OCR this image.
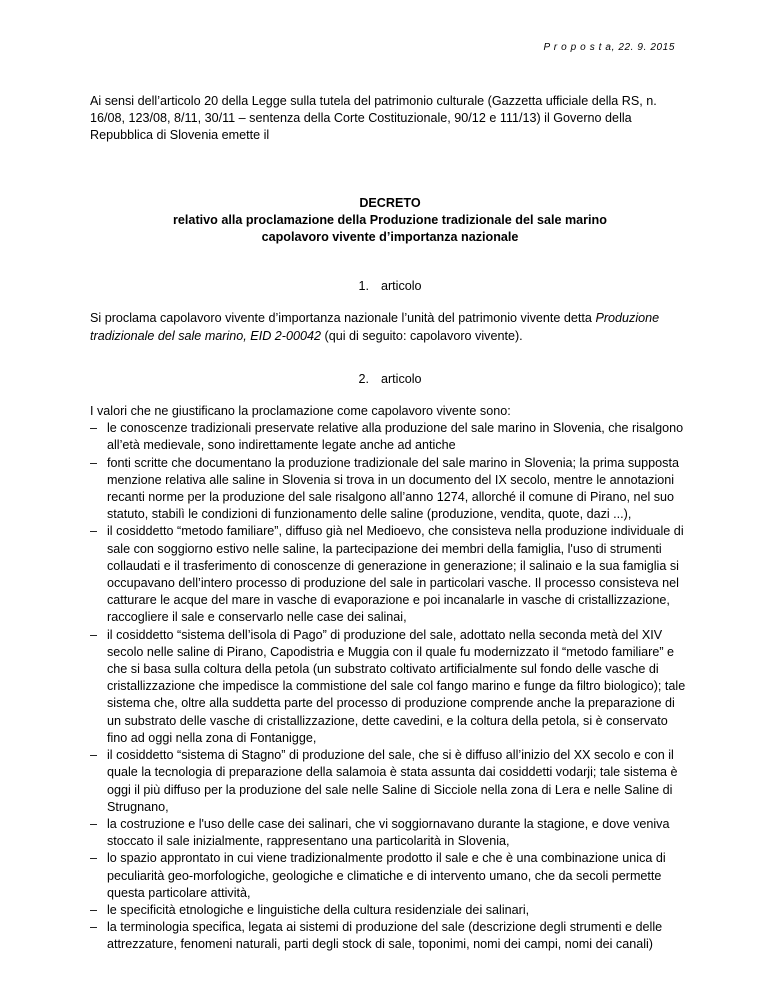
P r o p o s t a, 22. 9. 2015

Ai sensi dell’articolo 20 della Legge sulla tutela del patrimonio culturale (Gazzetta ufficiale della RS, n. 16/08, 123/08, 8/11, 30/11 – sentenza della Corte Costituzionale, 90/12 e 111/13) il Governo della Repubblica di Slovenia emette il

DECRETO
relativo alla proclamazione della Produzione tradizionale del sale marino
capolavoro vivente d’importanza nazionale
1. articolo

Si proclama capolavoro vivente d’importanza nazionale l’unità del patrimonio vivente detta Produzione tradizionale del sale marino, EID 2-00042 (qui di seguito: capolavoro vivente).

2. articolo

I valori che ne giustificano la proclamazione come capolavoro vivente sono:

– le conoscenze tradizionali preservate relative alla produzione del sale marino in Slovenia, che risalgono all’età medievale, sono indirettamente legate anche ad antiche
– fonti scritte che documentano la produzione tradizionale del sale marino in Slovenia; la prima supposta menzione relativa alle saline in Slovenia si trova in un documento del IX secolo, mentre le annotazioni recanti norme per la produzione del sale risalgono all’anno 1274, allorché il comune di Pirano, nel suo statuto, stabilì le condizioni di funzionamento delle saline (produzione, vendita, quote, dazi ...),
– il cosiddetto “metodo familiare”, diffuso già nel Medioevo, che consisteva nella produzione individuale di sale con soggiorno estivo nelle saline, la partecipazione dei membri della famiglia, l'uso di strumenti collaudati e il trasferimento di conoscenze di generazione in generazione; il salinaio e la sua famiglia si occupavano dell’intero processo di produzione del sale in particolari vasche. Il processo consisteva nel catturare le acque del mare in vasche di evaporazione e poi incanalarle in vasche di cristallizzazione, raccogliere il sale e conservarlo nelle case dei salinai,
– il cosiddetto “sistema dell’isola di Pago” di produzione del sale, adottato nella seconda metà del XIV secolo nelle saline di Pirano, Capodistria e Muggia con il quale fu modernizzato il “metodo familiare” e che si basa sulla coltura della petola (un substrato coltivato artificialmente sul fondo delle vasche di cristallizzazione che impedisce la commistione del sale col fango marino e funge da filtro biologico); tale sistema che, oltre alla suddetta parte del processo di produzione comprende anche la preparazione di un substrato delle vasche di cristallizzazione, dette cavedini, e la coltura della petola, si è conservato fino ad oggi nella zona di Fontanigge,
– il cosiddetto “sistema di Stagno” di produzione del sale, che si è diffuso all’inizio del XX secolo e con il quale la tecnologia di preparazione della salamoia è stata assunta dai cosiddetti vodarji; tale sistema è oggi il più diffuso per la produzione del sale nelle Saline di Sicciole nella zona di Lera e nelle Saline di Strugnano,
– la costruzione e l'uso delle case dei salinari, che vi soggiornavano durante la stagione, e dove veniva stoccato il sale inizialmente, rappresentano una particolarità in Slovenia,
– lo spazio approntato in cui viene tradizionalmente prodotto il sale e che è una combinazione unica di peculiarità geo-morfologiche, geologiche e climatiche e di intervento umano, che da secoli permette questa particolare attività,
– le specificità etnologiche e linguistiche della cultura residenziale dei salinari,
– la terminologia specifica, legata ai sistemi di produzione del sale (descrizione degli strumenti e delle attrezzature, fenomeni naturali, parti degli stock di sale, toponimi, nomi dei campi, nomi dei canali)
